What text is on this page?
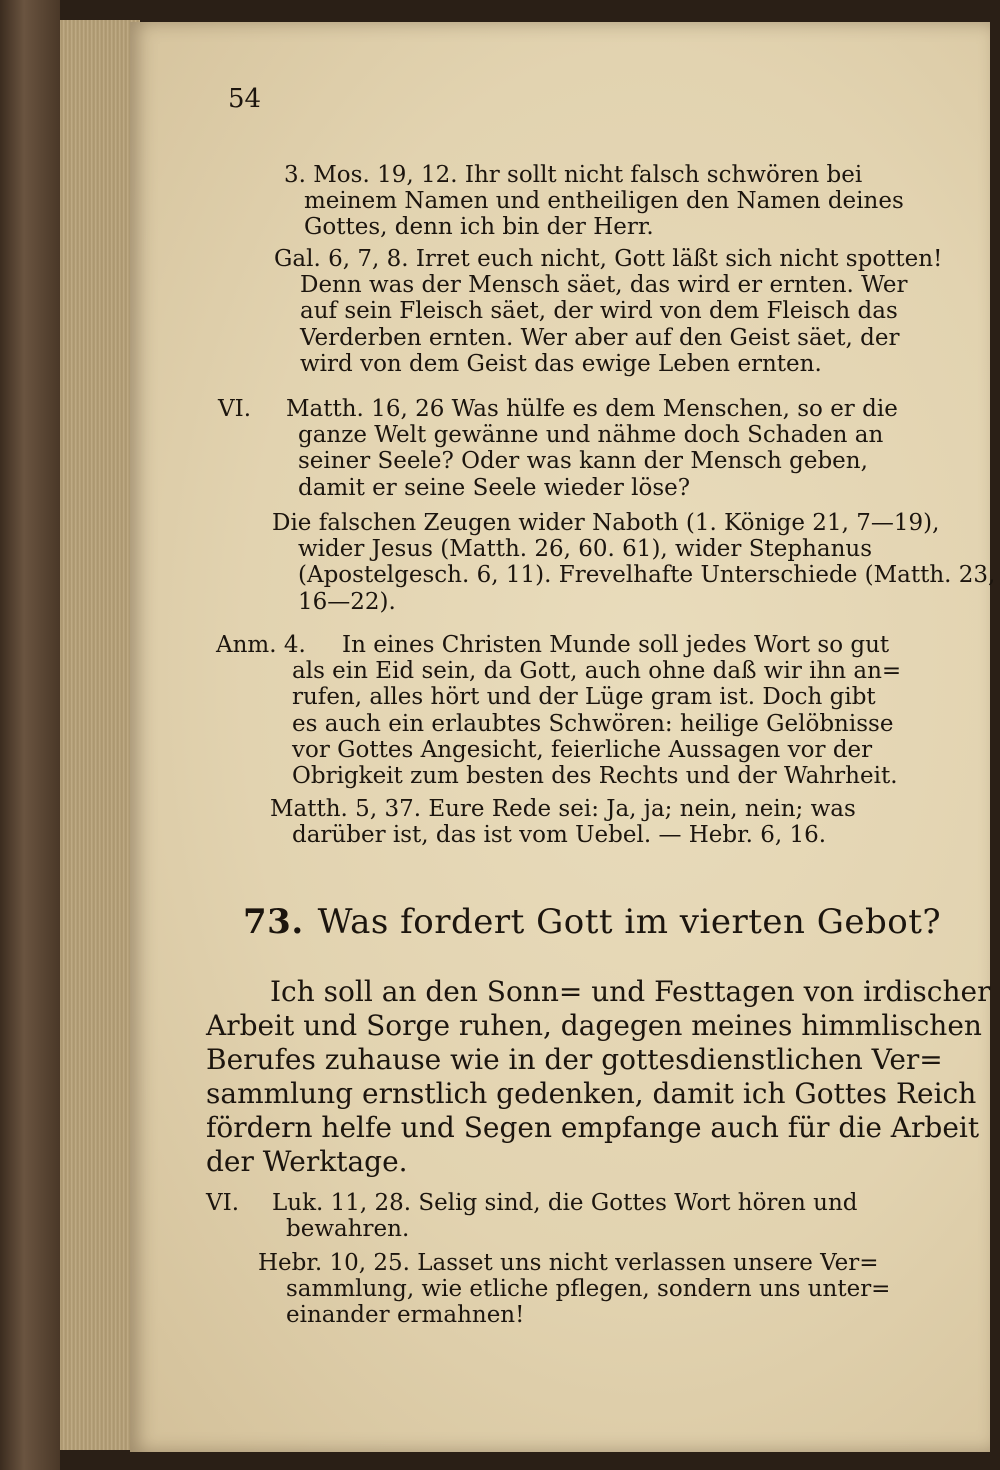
54
3. Mos. 19, 12. Ihr sollt nicht falsch schwören bei
meinem Namen und entheiligen den Namen deines
Gottes, denn ich bin der Herr.
Gal. 6, 7, 8. Irret euch nicht, Gott läßt sich nicht spotten!
Denn was der Mensch säet, das wird er ernten. Wer
auf sein Fleisch säet, der wird von dem Fleisch das
Verderben ernten. Wer aber auf den Geist säet, der
wird von dem Geist das ewige Leben ernten.
VI. Matth. 16, 26 Was hülfe es dem Menschen, so er die
ganze Welt gewänne und nähme doch Schaden an
seiner Seele? Oder was kann der Mensch geben,
damit er seine Seele wieder löse?
Die falschen Zeugen wider Naboth (1. Könige 21, 7—19),
wider Jesus (Matth. 26, 60. 61), wider Stephanus
(Apostelgesch. 6, 11). Frevelhafte Unterschiede (Matth. 23,
16—22).
Anm. 4. In eines Christen Munde soll jedes Wort so gut
als ein Eid sein, da Gott, auch ohne daß wir ihn an=
rufen, alles hört und der Lüge gram ist. Doch gibt
es auch ein erlaubtes Schwören: heilige Gelöbnisse
vor Gottes Angesicht, feierliche Aussagen vor der
Obrigkeit zum besten des Rechts und der Wahrheit.
Matth. 5, 37. Eure Rede sei: Ja, ja; nein, nein; was
darüber ist, das ist vom Uebel. — Hebr. 6, 16.
73. Was fordert Gott im vierten Gebot?
Ich soll an den Sonn= und Festtagen von irdischer
Arbeit und Sorge ruhen, dagegen meines himmlischen
Berufes zuhause wie in der gottesdienstlichen Ver=
sammlung ernstlich gedenken, damit ich Gottes Reich
fördern helfe und Segen empfange auch für die Arbeit
der Werktage.
VI. Luk. 11, 28. Selig sind, die Gottes Wort hören und
bewahren.
Hebr. 10, 25. Lasset uns nicht verlassen unsere Ver=
sammlung, wie etliche pflegen, sondern uns unter=
einander ermahnen!
